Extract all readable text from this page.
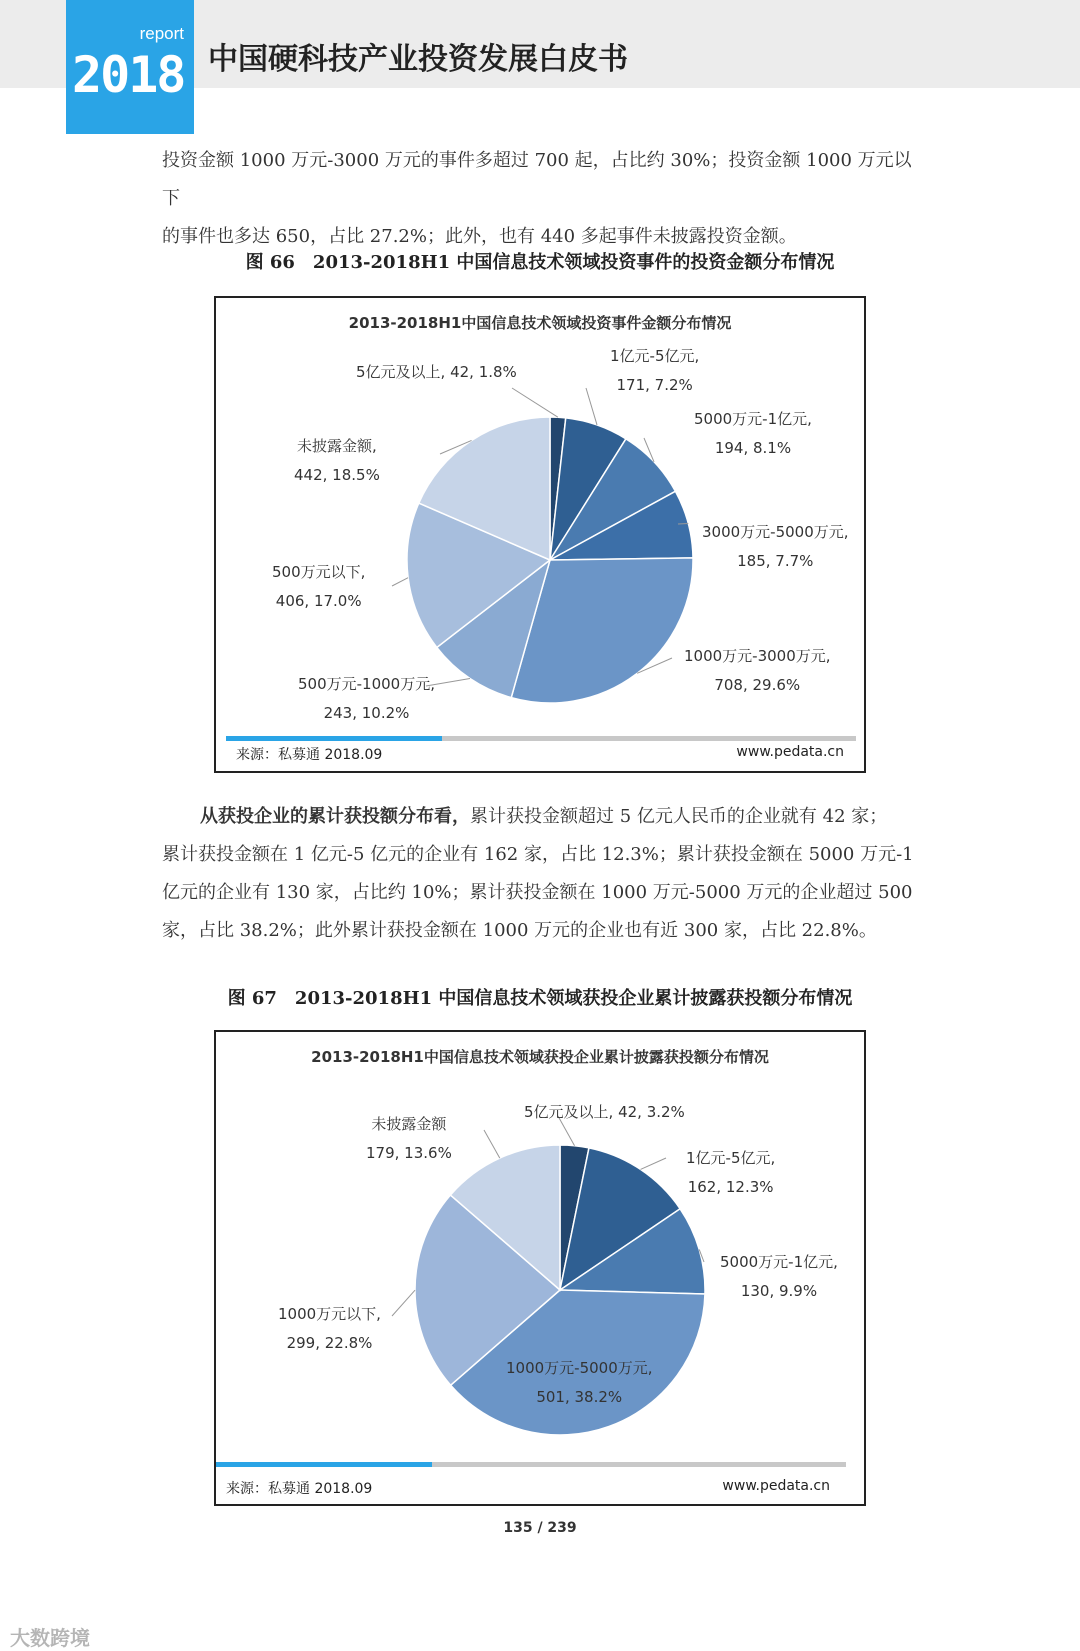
report
2018 中国硬科技产业投资发展白皮书
投资金额 1000 万元-3000 万元的事件多超过 700 起，占比约 30%；投资金额 1000 万元以下
的事件也多达 650，占比 27.2%；此外，也有 440 多起事件未披露投资金额。
图 66　2013-2018H1 中国信息技术领域投资事件的投资金额分布情况
2013-2018H1中国信息技术领域投资事件金额分布情况
5亿元及以上, 42, 1.8%
1亿元-5亿元,
171, 7.2%
5000万元-1亿元,
194, 8.1%
3000万元-5000万元,
185, 7.7%
1000万元-3000万元,
708, 29.6%
500万元-1000万元,
243, 10.2%
500万元以下,
406, 17.0%
未披露金额,
442, 18.5%
来源：私募通 2018.09	www.pedata.cn
从获投企业的累计获投额分布看，累计获投金额超过 5 亿元人民币的企业就有 42 家；
累计获投金额在 1 亿元-5 亿元的企业有 162 家，占比 12.3%；累计获投金额在 5000 万元-1
亿元的企业有 130 家，占比约 10%；累计获投金额在 1000 万元-5000 万元的企业超过 500
家，占比 38.2%；此外累计获投金额在 1000 万元的企业也有近 300 家，占比 22.8%。
图 67　2013-2018H1 中国信息技术领域获投企业累计披露获投额分布情况
2013-2018H1中国信息技术领域获投企业累计披露获投额分布情况
5亿元及以上, 42, 3.2%
1亿元-5亿元,
162, 12.3%
5000万元-1亿元,
130, 9.9%
1000万元-5000万元,
501, 38.2%
1000万元以下,
299, 22.8%
未披露金额
179, 13.6%
来源：私募通 2018.09	www.pedata.cn
135 / 239
大数跨境
